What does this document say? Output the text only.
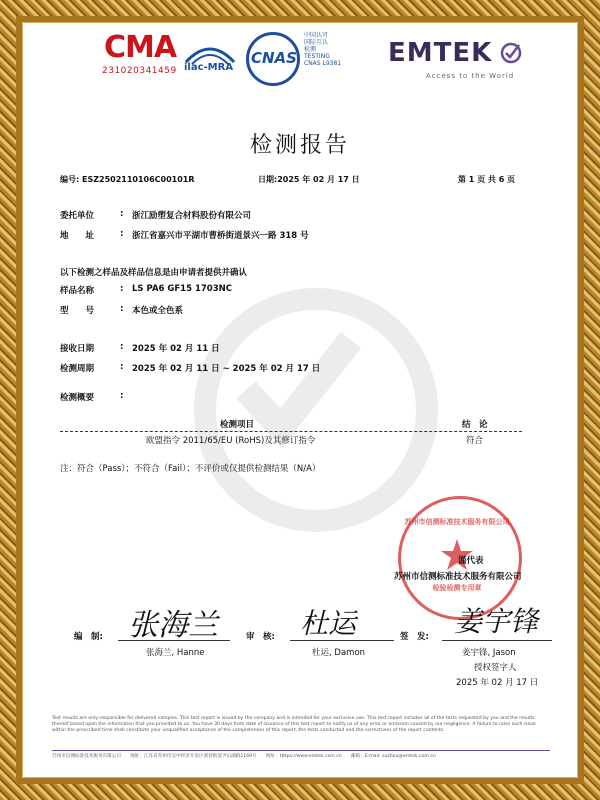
CMA
231020341459 ilac-MRA
CNAS
中国认可
国际互认
检测
TESTING
CNAS L9381	EMTEK
Access to the World
检测报告
编号: ESZ2502110106C00101R	日期:2025 年 02 月 17 日	第 1 页 共 6 页
委托单位	: 浙江励塑复合材料股份有限公司
地　　址	: 浙江省嘉兴市平湖市曹桥街道景兴一路 318 号
以下检测之样品及样品信息是由申请者提供并确认
样品名称	: LS PA6 GF15 1703NC
型　　号	: 本色或全色系
接收日期	: 2025 年 02 月 11 日
检测周期	: 2025 年 02 月 11 日 ~ 2025 年 02 月 17 日
检测概要	:
检测项目	结　论
欧盟指令 2011/65/EU (RoHS)及其修订指令	符合
注：符合（Pass）；不符合（Fail）；不评价或仅提供检测结果（N/A）
苏州市信测标准技术服务有限公司
检验检测专用章
谨代表
苏州市信测标准技术服务有限公司
编　制: 张海兰
张海兰, Hanne
审　核: 杜运
杜运, Damon
签　发: 姜宇锋
姜宇锋, Jason
授权签字人
2025 年 02 月 17 日
Test results are only responsible for delivered samples. This test report is issued by the company and is intended for your exclusive use. This test report includes all of the tests requested by you and the results thereof based upon the information that you provided to us. You have 30 days from date of issuance of this test report to notify us of any error or omission caused by our negligence. A failure to raise such issue within the prescribed time shall constitute your unqualified acceptance of the completeness of this report, the tests conducted and the correctness of the report contents.
苏州市信测标准技术服务有限公司　　地址：江苏省苏州市吴中经济开发区郭巷街道尹山湖路1169号　　网址：Https://www.emtek.com.cn　　邮箱：E-mail: suzhou@emtek.com.cn
